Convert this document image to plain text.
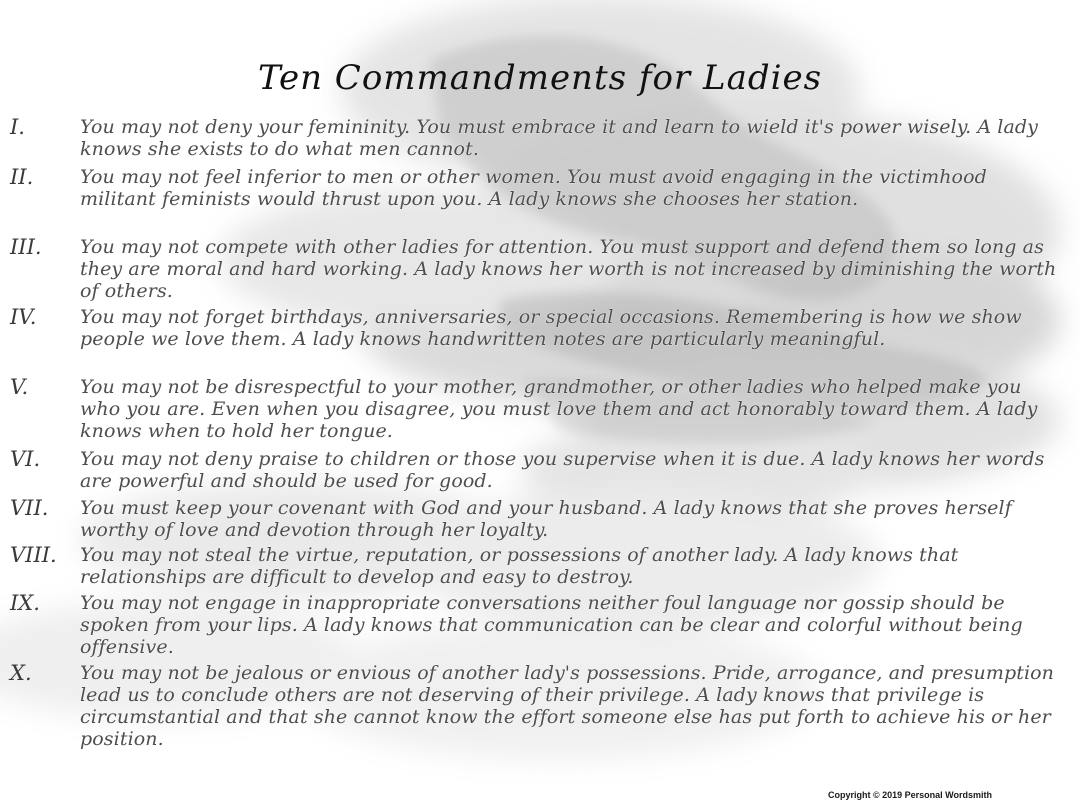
Ten Commandments for Ladies
I.	You may not deny your femininity. You must embrace it and learn to wield it's power wisely. A lady knows she exists to do what men cannot.
II. You may not feel inferior to men or other women. You must avoid engaging in the victimhood militant feminists would thrust upon you. A lady knows she chooses her station.
III. You may not compete with other ladies for attention. You must support and defend them so long as they are moral and hard working. A lady knows her worth is not increased by diminishing the worth of others.
IV. You may not forget birthdays, anniversaries, or special occasions. Remembering is how we show people we love them. A lady knows handwritten notes are particularly meaningful.
V.	You may not be disrespectful to your mother, grandmother, or other ladies who helped make you who you are. Even when you disagree, you must love them and act honorably toward them. A lady knows when to hold her tongue.
VI. You may not deny praise to children or those you supervise when it is due. A lady knows her words are powerful and should be used for good.
VII. You must keep your covenant with God and your husband. A lady knows that she proves herself worthy of love and devotion through her loyalty.
VIII. You may not steal the virtue, reputation, or possessions of another lady. A lady knows that relationships are difficult to develop and easy to destroy.
IX. You may not engage in inappropriate conversations neither foul language nor gossip should be spoken from your lips. A lady knows that communication can be clear and colorful without being offensive.
X.	You may not be jealous or envious of another lady's possessions. Pride, arrogance, and presumption lead us to conclude others are not deserving of their privilege. A lady knows that privilege is circumstantial and that she cannot know the effort someone else has put forth to achieve his or her position.
Copyright © 2019 Personal Wordsmith
